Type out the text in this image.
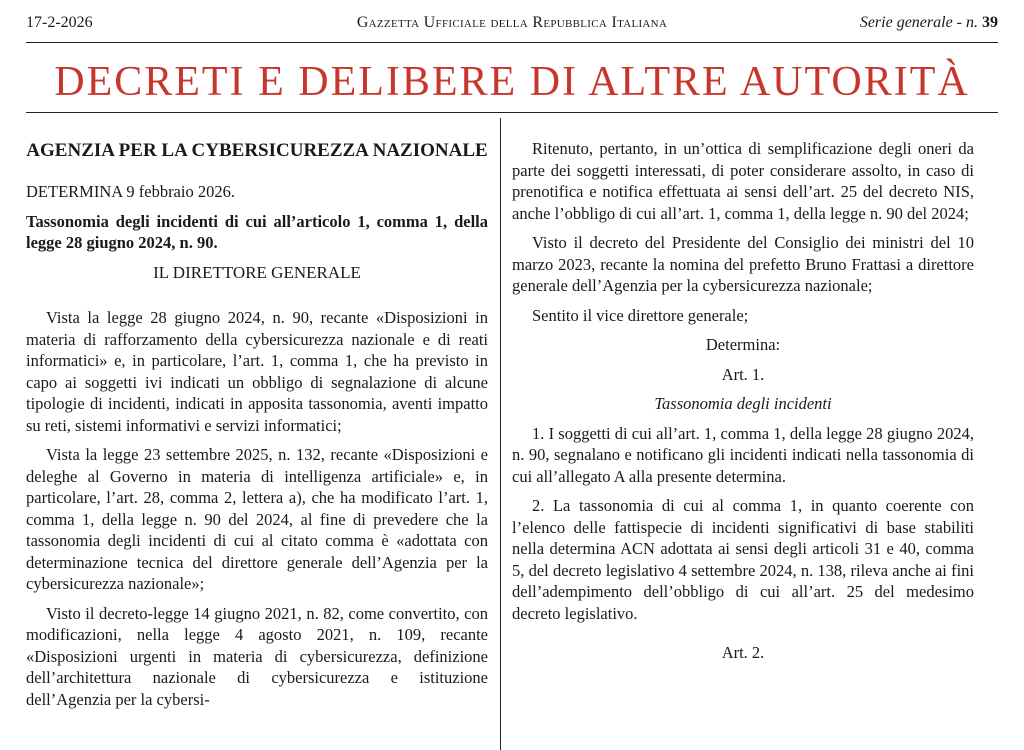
17-2-2026	Gazzetta Ufficiale della Repubblica Italiana	Serie generale - n. 39
DECRETI E DELIBERE DI ALTRE AUTORITÀ
AGENZIA PER LA CYBERSICUREZZA NAZIONALE

DETERMINA 9 febbraio 2026.

Tassonomia degli incidenti di cui all’articolo 1, comma 1, della legge 28 giugno 2024, n. 90.

IL DIRETTORE GENERALE

Vista la legge 28 giugno 2024, n. 90, recante «Disposizioni in materia di rafforzamento della cybersicurezza nazionale e di reati informatici» e, in particolare, l’art. 1, comma 1, che ha previsto in capo ai soggetti ivi indicati un obbligo di segnalazione di alcune tipologie di incidenti, indicati in apposita tassonomia, aventi impatto su reti, sistemi informativi e servizi informatici;

Vista la legge 23 settembre 2025, n. 132, recante «Disposizioni e deleghe al Governo in materia di intelligenza artificiale» e, in particolare, l’art. 28, comma 2, lettera a), che ha modificato l’art. 1, comma 1, della legge n. 90 del 2024, al fine di prevedere che la tassonomia degli incidenti di cui al citato comma è «adottata con determinazione tecnica del direttore generale dell’Agenzia per la cybersicurezza nazionale»;

Visto il decreto-legge 14 giugno 2021, n. 82, come convertito, con modificazioni, nella legge 4 agosto 2021, n. 109, recante «Disposizioni urgenti in materia di cybersicurezza, definizione dell’architettura nazionale di cybersicurezza e istituzione dell’Agenzia per la cybersi-

Ritenuto, pertanto, in un’ottica di semplificazione degli oneri da parte dei soggetti interessati, di poter considerare assolto, in caso di prenotifica e notifica effettuata ai sensi dell’art. 25 del decreto NIS, anche l’obbligo di cui all’art. 1, comma 1, della legge n. 90 del 2024;

Visto il decreto del Presidente del Consiglio dei ministri del 10 marzo 2023, recante la nomina del prefetto Bruno Frattasi a direttore generale dell’Agenzia per la cybersicurezza nazionale;

Sentito il vice direttore generale;

Determina:

Art. 1.

Tassonomia degli incidenti

1. I soggetti di cui all’art. 1, comma 1, della legge 28 giugno 2024, n. 90, segnalano e notificano gli incidenti indicati nella tassonomia di cui all’allegato A alla presente determina.

2. La tassonomia di cui al comma 1, in quanto coerente con l’elenco delle fattispecie di incidenti significativi di base stabiliti nella determina ACN adottata ai sensi degli articoli 31 e 40, comma 5, del decreto legislativo 4 settembre 2024, n. 138, rileva anche ai fini dell’adempimento dell’obbligo di cui all’art. 25 del medesimo decreto legislativo.

Art. 2.
